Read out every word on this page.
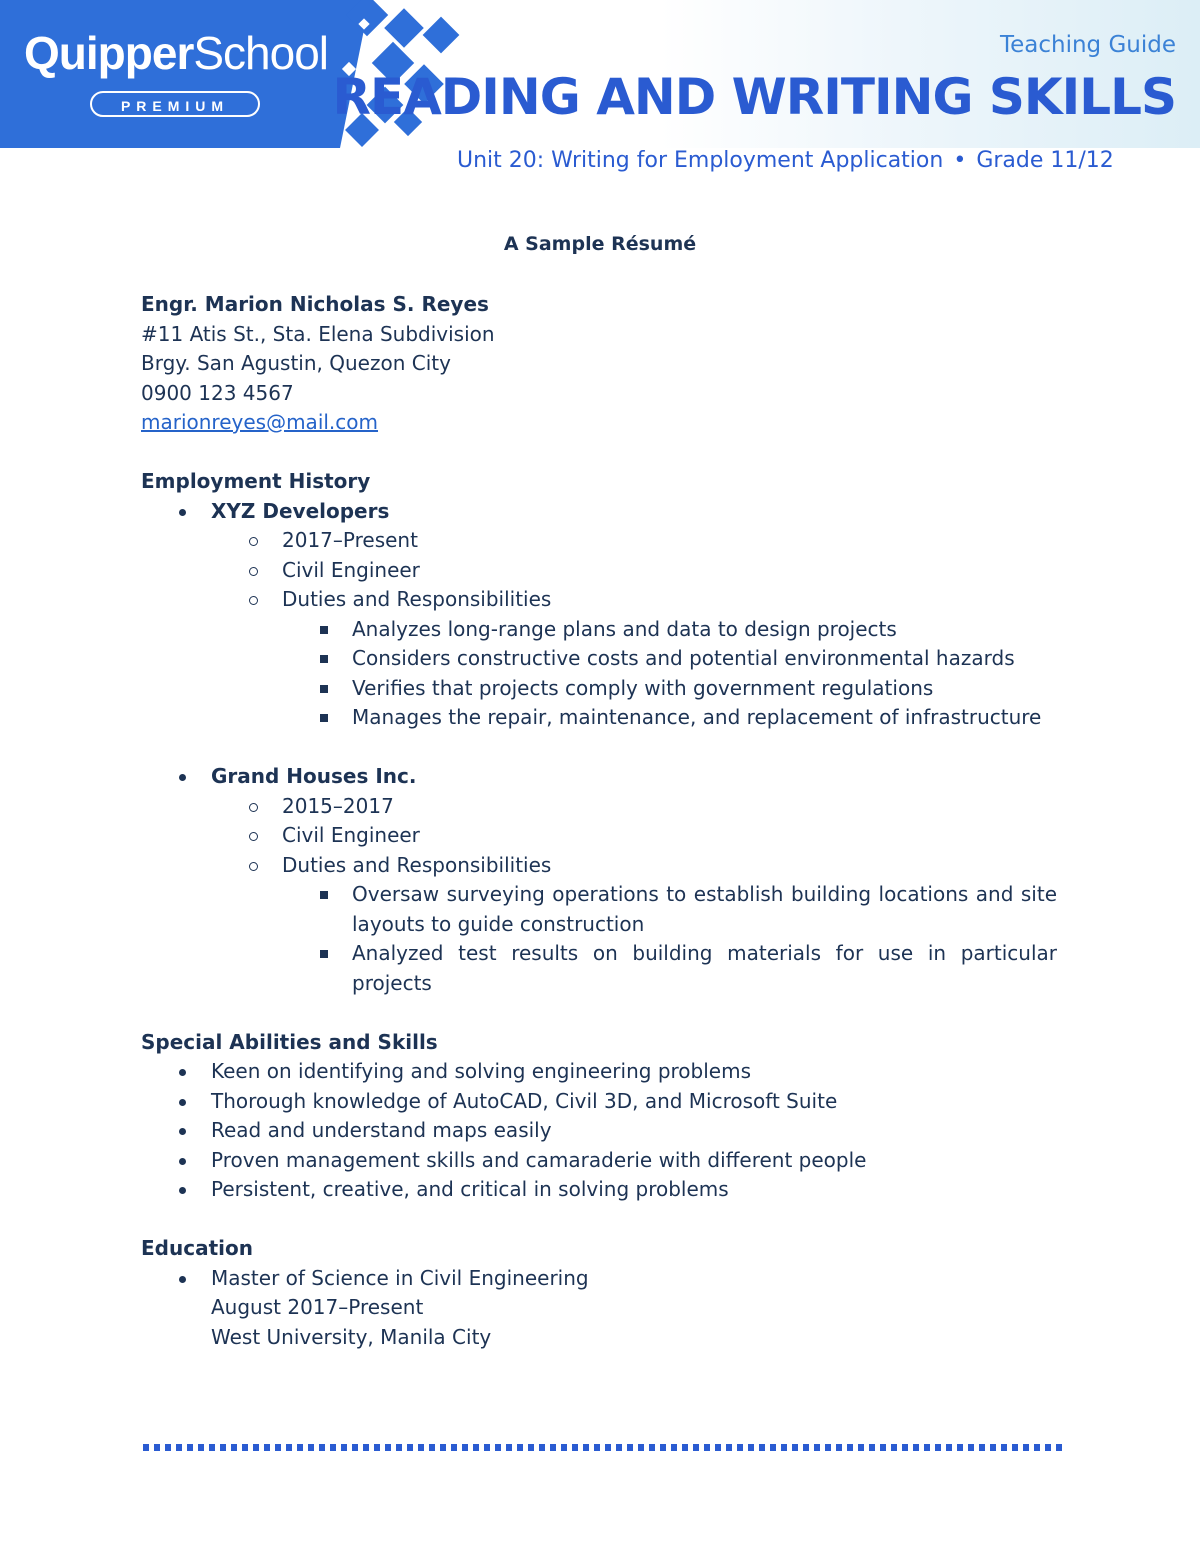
QuipperSchool
PREMIUM
Teaching Guide
READING AND WRITING SKILLS
Unit 20: Writing for Employment Application • Grade 11/12
A Sample Résumé
Engr. Marion Nicholas S. Reyes
#11 Atis St., Sta. Elena Subdivision
Brgy. San Agustin, Quezon City
0900 123 4567
marionreyes@mail.com
Employment History
XYZ Developers
2017–Present
Civil Engineer
Duties and Responsibilities
Analyzes long-range plans and data to design projects
Considers constructive costs and potential environmental hazards
Verifies that projects comply with government regulations
Manages the repair, maintenance, and replacement of infrastructure
Grand Houses Inc.
2015–2017
Civil Engineer
Duties and Responsibilities
Oversaw surveying operations to establish building locations and site layouts to guide construction
Analyzed test results on building materials for use in particular projects
Special Abilities and Skills
Keen on identifying and solving engineering problems
Thorough knowledge of AutoCAD, Civil 3D, and Microsoft Suite
Read and understand maps easily
Proven management skills and camaraderie with different people
Persistent, creative, and critical in solving problems
Education
Master of Science in Civil Engineering
August 2017–Present
West University, Manila City
